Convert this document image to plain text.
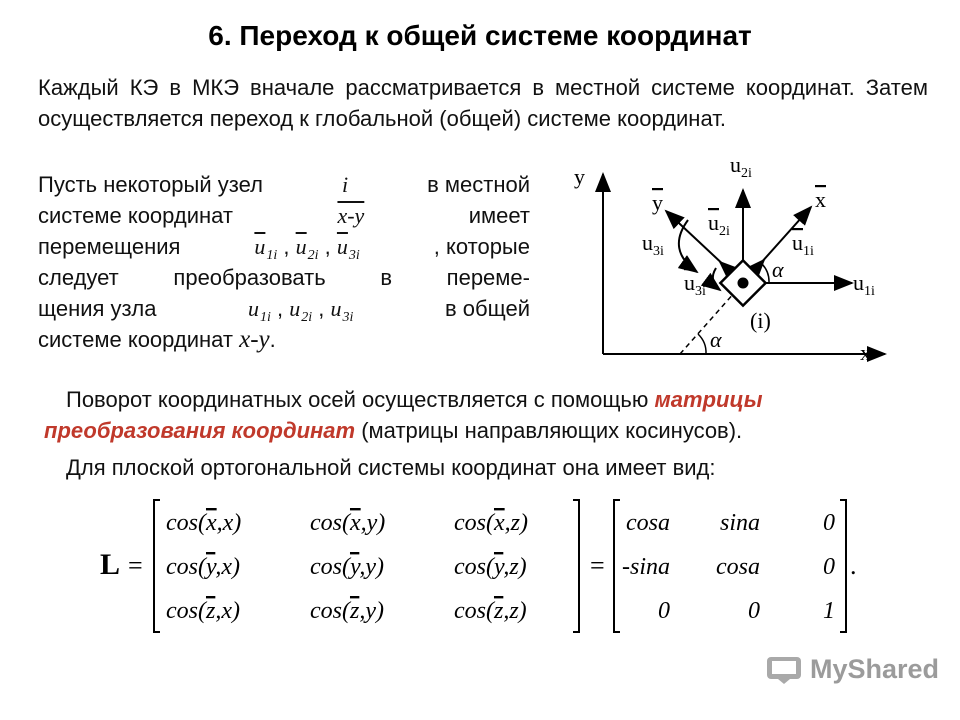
6. Переход к общей системе координат
Каждый КЭ в МКЭ вначале рассматривается в местной системе координат. Затем осуществляется переход к глобальной (общей) системе координат.
Пусть некоторый узел	i	в местной
системе координат	x-y	имеет
перемещения	$\overline{u}_{1i}$ , $\overline{u}_{2i}$ , $\overline{u}_{3i}$	, которые
следует преобразовать в переме-
щения узла	$u_{1i}$ , $u_{2i}$ , $u_{3i}$	в общей
системе координат x-y.
y
x
x
y
(i)
α
α
$u_{2i}$
$u_{1i}$
$u_{2i}$	$u_{1i}$
$u_{3i}$
$u_{3i}$
Поворот координатных осей осуществляется с помощью матрицы
преобразования координат (матрицы направляющих косинусов).
Для плоской ортогональной системы координат она имеет вид:
L =	=	.
cos(x,x)	cos(x,y)	cos(x,z)
cos(y,x)	cos(y,y)	cos(y,z)
cos(z,x)	cos(z,y)	cos(z,z)
cosa sina	0
-sina cosa	0
0	0	1
MyShared
